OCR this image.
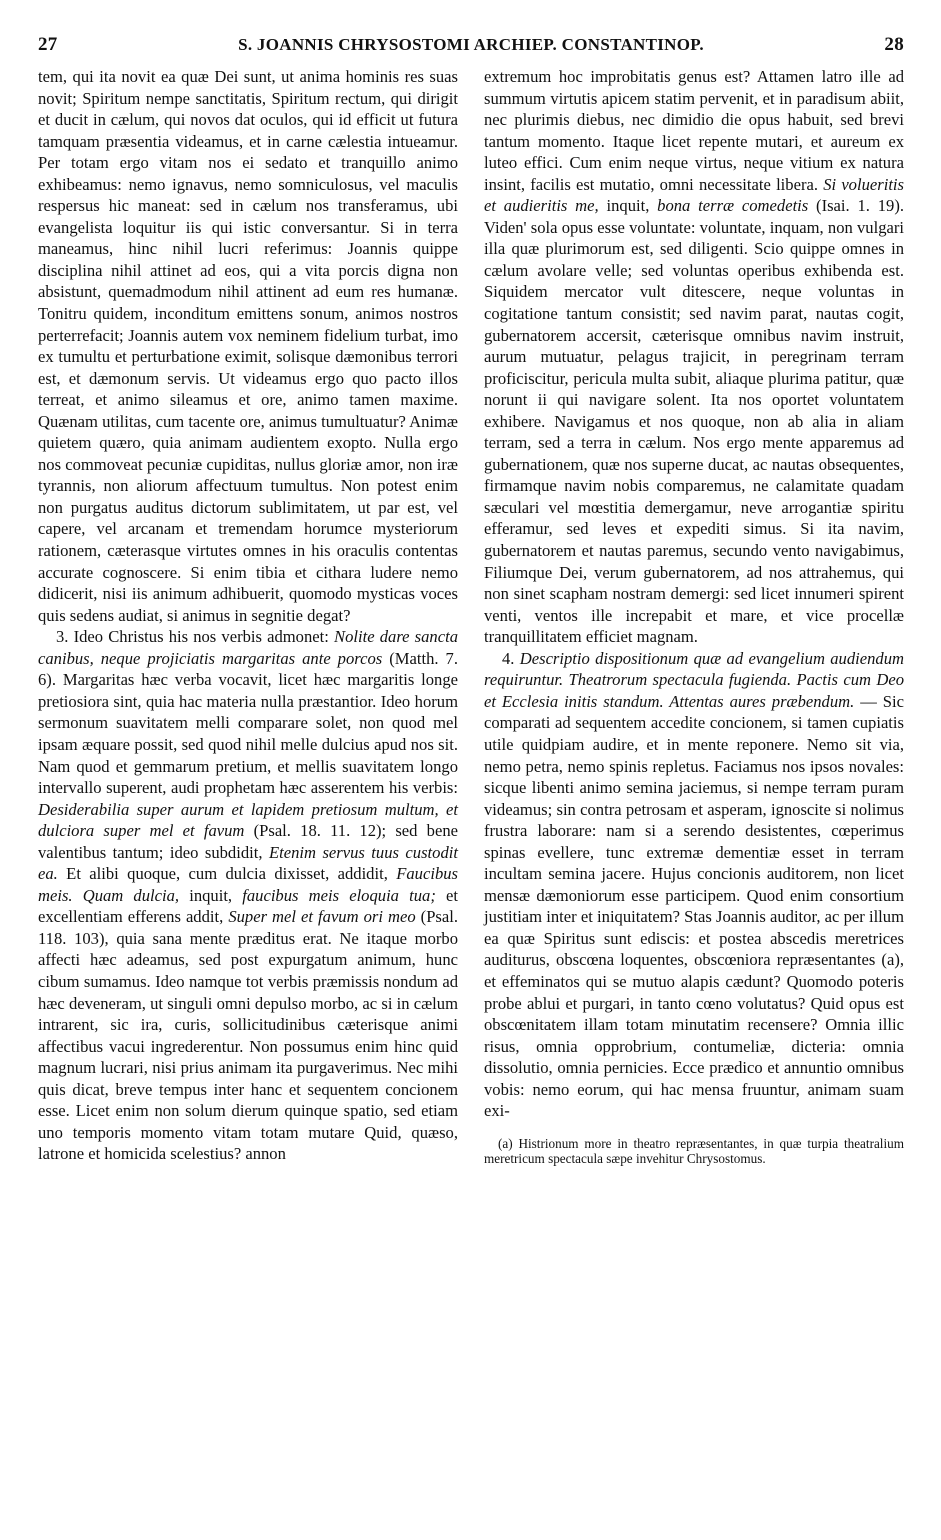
27	S. JOANNIS CHRYSOSTOMI ARCHIEP. CONSTANTINOP.	28

tem, qui ita novit ea quæ Dei sunt, ut anima hominis res suas novit; Spiritum nempe sanctitatis, Spiritum rectum, qui dirigit et ducit in cælum, qui novos dat oculos, qui id efficit ut futura tamquam præsentia videamus, et in carne cælestia intueamur. Per totam ergo vitam nos ei sedato et tranquillo animo exhibeamus: nemo ignavus, nemo somniculosus, vel maculis respersus hic maneat: sed in cælum nos transferamus, ubi evangelista loquitur iis qui istic conversantur. Si in terra maneamus, hinc nihil lucri referimus: Joannis quippe disciplina nihil attinet ad eos, qui a vita porcis digna non absistunt, quemadmodum nihil attinent ad eum res humanæ. Tonitru quidem, inconditum emittens sonum, animos nostros perterrefacit; Joannis autem vox neminem fidelium turbat, imo ex tumultu et perturbatione eximit, solisque dæmonibus terrori est, et dæmonum servis. Ut videamus ergo quo pacto illos terreat, et animo sileamus et ore, animo tamen maxime. Quænam utilitas, cum tacente ore, animus tumultuatur? Animæ quietem quæro, quia animam audientem exopto. Nulla ergo nos commoveat pecuniæ cupiditas, nullus gloriæ amor, non iræ tyrannis, non aliorum affectuum tumultus. Non potest enim non purgatus auditus dictorum sublimitatem, ut par est, vel capere, vel arcanam et tremendam horumce mysteriorum rationem, cæterasque virtutes omnes in his oraculis contentas accurate cognoscere. Si enim tibia et cithara ludere nemo didicerit, nisi iis animum adhibuerit, quomodo mysticas voces quis sedens audiat, si animus in segnitie degat?

3. Ideo Christus his nos verbis admonet: Nolite dare sancta canibus, neque projiciatis margaritas ante porcos (Matth. 7. 6). Margaritas hæc verba vocavit, licet hæc margaritis longe pretiosiora sint, quia hac materia nulla præstantior. Ideo horum sermonum suavitatem melli comparare solet, non quod mel ipsam æquare possit, sed quod nihil melle dulcius apud nos sit. Nam quod et gemmarum pretium, et mellis suavitatem longo intervallo superent, audi prophetam hæc asserentem his verbis: Desiderabilia super aurum et lapidem pretiosum multum, et dulciora super mel et favum (Psal. 18. 11. 12); sed bene valentibus tantum; ideo subdidit, Etenim servus tuus custodit ea. Et alibi quoque, cum dulcia dixisset, addidit, Faucibus meis. Quam dulcia, inquit, faucibus meis eloquia tua; et excellentiam efferens addit, Super mel et favum ori meo (Psal. 118. 103), quia sana mente præditus erat. Ne itaque morbo affecti hæc adeamus, sed post expurgatum animum, hunc cibum sumamus. Ideo namque tot verbis præmissis nondum ad hæc deveneram, ut singuli omni depulso morbo, ac si in cælum intrarent, sic ira, curis, sollicitudinibus cæterisque animi affectibus vacui ingrederentur. Non possumus enim hinc quid magnum lucrari, nisi prius animam ita purgaverimus. Nec mihi quis dicat, breve tempus inter hanc et sequentem concionem esse. Licet enim non solum dierum quinque spatio, sed etiam uno temporis momento vitam totam mutare Quid, quæso, latrone et homicida scelestius? annon

extremum hoc improbitatis genus est? Attamen latro ille ad summum virtutis apicem statim pervenit, et in paradisum abiit, nec plurimis diebus, nec dimidio die opus habuit, sed brevi tantum momento. Itaque licet repente mutari, et aureum ex luteo effici. Cum enim neque virtus, neque vitium ex natura insint, facilis est mutatio, omni necessitate libera. Si volueritis et audieritis me, inquit, bona terræ comedetis (Isai. 1. 19). Viden' sola opus esse voluntate: voluntate, inquam, non vulgari illa quæ plurimorum est, sed diligenti. Scio quippe omnes in cælum avolare velle; sed voluntas operibus exhibenda est. Siquidem mercator vult ditescere, neque voluntas in cogitatione tantum consistit; sed navim parat, nautas cogit, gubernatorem accersit, cæterisque omnibus navim instruit, aurum mutuatur, pelagus trajicit, in peregrinam terram proficiscitur, pericula multa subit, aliaque plurima patitur, quæ norunt ii qui navigare solent. Ita nos oportet voluntatem exhibere. Navigamus et nos quoque, non ab alia in aliam terram, sed a terra in cælum. Nos ergo mente apparemus ad gubernationem, quæ nos superne ducat, ac nautas obsequentes, firmamque navim nobis comparemus, ne calamitate quadam sæculari vel mœstitia demergamur, neve arrogantiæ spiritu efferamur, sed leves et expediti simus. Si ita navim, gubernatorem et nautas paremus, secundo vento navigabimus, Filiumque Dei, verum gubernatorem, ad nos attrahemus, qui non sinet scapham nostram demergi: sed licet innumeri spirent venti, ventos ille increpabit et mare, et vice procellæ tranquillitatem efficiet magnam.

4. Descriptio dispositionum quæ ad evangelium audiendum requiruntur. Theatrorum spectacula fugienda. Pactis cum Deo et Ecclesia initis standum. Attentas aures præbendum. — Sic comparati ad sequentem accedite concionem, si tamen cupiatis utile quidpiam audire, et in mente reponere. Nemo sit via, nemo petra, nemo spinis repletus. Faciamus nos ipsos novales: sicque libenti animo semina jaciemus, si nempe terram puram videamus; sin contra petrosam et asperam, ignoscite si nolimus frustra laborare: nam si a serendo desistentes, cœperimus spinas evellere, tunc extremæ dementiæ esset in terram incultam semina jacere. Hujus concionis auditorem, non licet mensæ dæmoniorum esse participem. Quod enim consortium justitiam inter et iniquitatem? Stas Joannis auditor, ac per illum ea quæ Spiritus sunt ediscis: et postea abscedis meretrices auditurus, obscœna loquentes, obscœniora repræsentantes (a), et effeminatos qui se mutuo alapis cædunt? Quomodo poteris probe ablui et purgari, in tanto cœno volutatus? Quid opus est obscœnitatem illam totam minutatim recensere? Omnia illic risus, omnia opprobrium, contumeliæ, dicteria: omnia dissolutio, omnia pernicies. Ecce prædico et annuntio omnibus vobis: nemo eorum, qui hac mensa fruuntur, animam suam exi-

(a) Histrionum more in theatro repræsentantes, in quæ turpia theatralium meretricum spectacula sæpe invehitur Chrysostomus.
